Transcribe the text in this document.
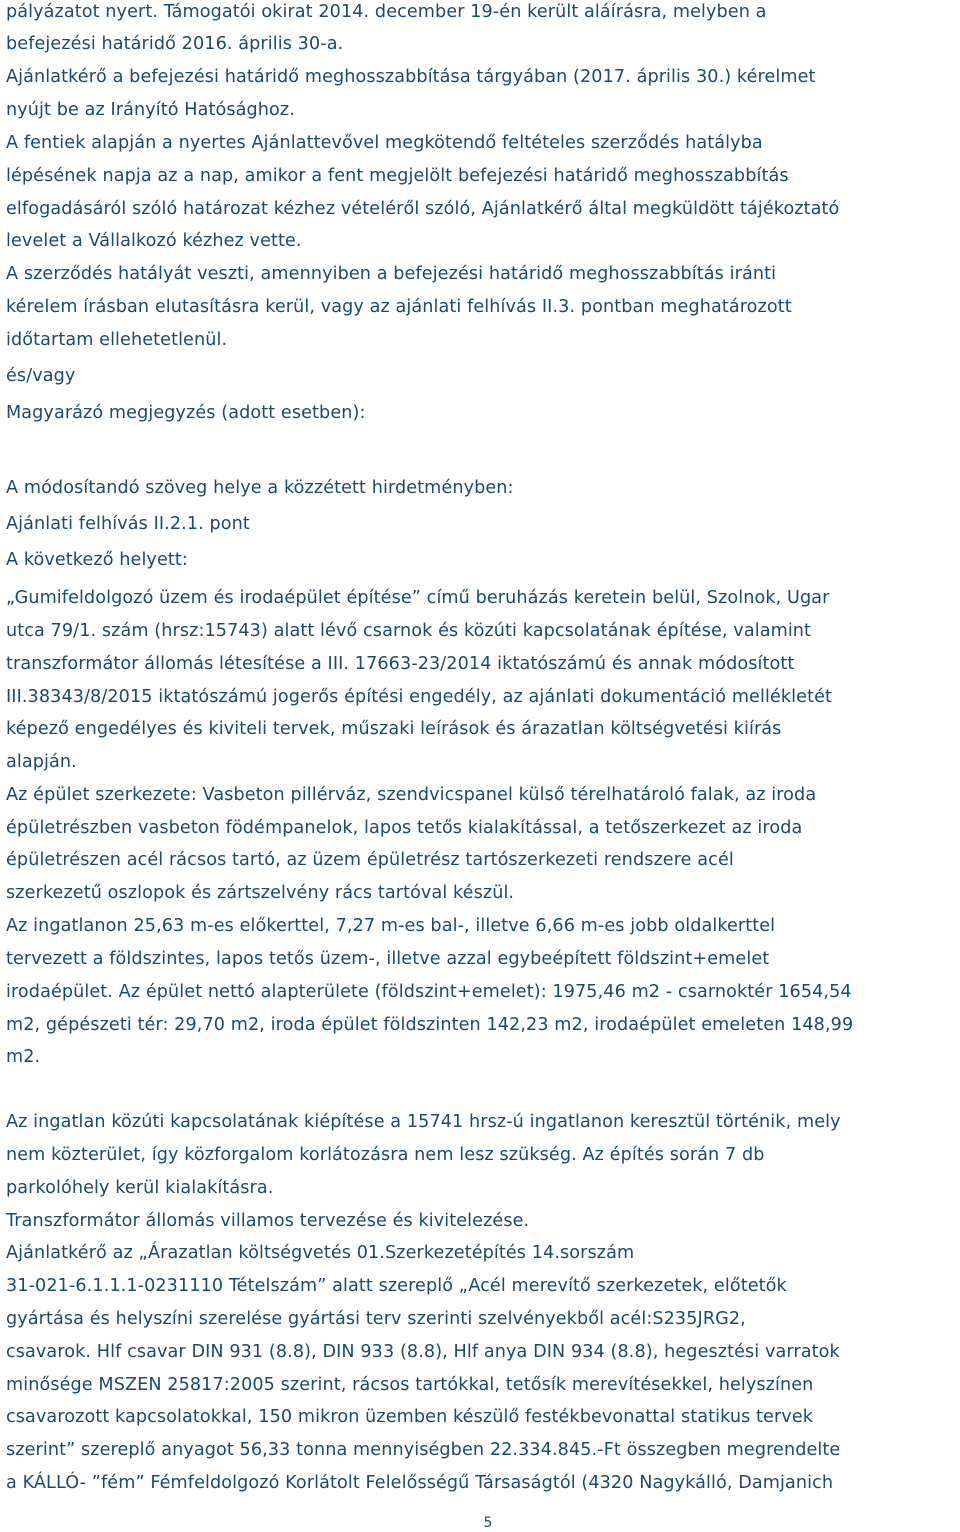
pályázatot nyert. Támogatói okirat 2014. december 19-én került aláírásra, melyben a
befejezési határidő 2016. április 30-a.
Ajánlatkérő a befejezési határidő meghosszabbítása tárgyában (2017. április 30.) kérelmet
nyújt be az Irányító Hatósághoz.
A fentiek alapján a nyertes Ajánlattevővel megkötendő feltételes szerződés hatályba
lépésének napja az a nap, amikor a fent megjelölt befejezési határidő meghosszabbítás
elfogadásáról szóló határozat kézhez vételéről szóló, Ajánlatkérő által megküldött tájékoztató
levelet a Vállalkozó kézhez vette.
A szerződés hatályát veszti, amennyiben a befejezési határidő meghosszabbítás iránti
kérelem írásban elutasításra kerül, vagy az ajánlati felhívás II.3. pontban meghatározott
időtartam ellehetetlenül.
és/vagy
Magyarázó megjegyzés (adott esetben):
A módosítandó szöveg helye a közzétett hirdetményben:
Ajánlati felhívás II.2.1. pont
A következő helyett:
„Gumifeldolgozó üzem és irodaépület építése” című beruházás keretein belül, Szolnok, Ugar
utca 79/1. szám (hrsz:15743) alatt lévő csarnok és közúti kapcsolatának építése, valamint
transzformátor állomás létesítése a III. 17663-23/2014 iktatószámú és annak módosított
III.38343/8/2015 iktatószámú jogerős építési engedély, az ajánlati dokumentáció mellékletét
képező engedélyes és kiviteli tervek, műszaki leírások és árazatlan költségvetési kiírás
alapján.
Az épület szerkezete: Vasbeton pillérváz, szendvicspanel külső térelhatároló falak, az iroda
épületrészben vasbeton födémpanelok, lapos tetős kialakítással, a tetőszerkezet az iroda
épületrészen acél rácsos tartó, az üzem épületrész tartószerkezeti rendszere acél
szerkezetű oszlopok és zártszelvény rács tartóval készül.
Az ingatlanon 25,63 m-es előkerttel, 7,27 m-es bal-, illetve 6,66 m-es jobb oldalkerttel
tervezett a földszintes, lapos tetős üzem-, illetve azzal egybeépített földszint+emelet
irodaépület. Az épület nettó alapterülete (földszint+emelet): 1975,46 m2 - csarnoktér 1654,54
m2, gépészeti tér: 29,70 m2, iroda épület földszinten 142,23 m2, irodaépület emeleten 148,99
m2.
Az ingatlan közúti kapcsolatának kiépítése a 15741 hrsz-ú ingatlanon keresztül történik, mely
nem közterület, így közforgalom korlátozásra nem lesz szükség. Az építés során 7 db
parkolóhely kerül kialakításra.
Transzformátor állomás villamos tervezése és kivitelezése.
Ajánlatkérő az „Árazatlan költségvetés 01.Szerkezetépítés 14.sorszám
31-021-6.1.1.1-0231110 Tételszám” alatt szereplő „Acél merevítő szerkezetek, előtetők
gyártása és helyszíni szerelése gyártási terv szerinti szelvényekből acél:S235JRG2,
csavarok. Hlf csavar DIN 931 (8.8), DIN 933 (8.8), Hlf anya DIN 934 (8.8), hegesztési varratok
minősége MSZEN 25817:2005 szerint, rácsos tartókkal, tetősík merevítésekkel, helyszínen
csavarozott kapcsolatokkal, 150 mikron üzemben készülő festékbevonattal statikus tervek
szerint” szereplő anyagot 56,33 tonna mennyiségben 22.334.845.-Ft összegben megrendelte
a KÁLLÓ- ”fém” Fémfeldolgozó Korlátolt Felelősségű Társaságtól (4320 Nagykálló, Damjanich
5
